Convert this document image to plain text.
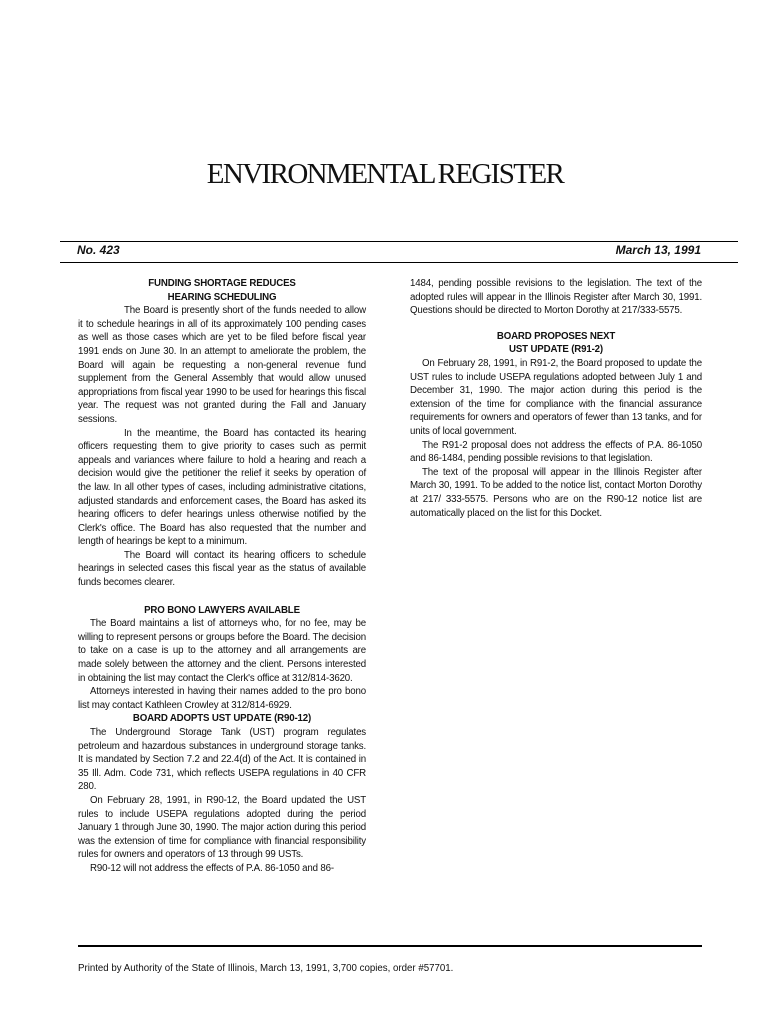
ENVIRONMENTAL REGISTER
No. 423	March 13, 1991
FUNDING SHORTAGE REDUCES
HEARING SCHEDULING

The Board is presently short of the funds needed to allow it to schedule hearings in all of its approximately 100 pending cases as well as those cases which are yet to be filed before fiscal year 1991 ends on June 30. In an attempt to ameliorate the problem, the Board will again be requesting a non-general revenue fund supplement from the General Assembly that would allow unused appropriations from fiscal year 1990 to be used for hearings this fiscal year. The request was not granted during the Fall and January sessions.

In the meantime, the Board has contacted its hearing officers requesting them to give priority to cases such as permit appeals and variances where failure to hold a hearing and reach a decision would give the petitioner the relief it seeks by operation of the law. In all other types of cases, including administrative citations, adjusted standards and enforcement cases, the Board has asked its hearing officers to defer hearings unless otherwise notified by the Clerk's office. The Board has also requested that the number and length of hearings be kept to a minimum.

The Board will contact its hearing officers to schedule hearings in selected cases this fiscal year as the status of available funds becomes clearer.

PRO BONO LAWYERS AVAILABLE

The Board maintains a list of attorneys who, for no fee, may be willing to represent persons or groups before the Board. The decision to take on a case is up to the attorney and all arrangements are made solely between the attorney and the client. Persons interested in obtaining the list may contact the Clerk's office at 312/814-3620.

Attorneys interested in having their names added to the pro bono list may contact Kathleen Crowley at 312/814-6929.

BOARD ADOPTS UST UPDATE (R90-12)

The Underground Storage Tank (UST) program regulates petroleum and hazardous substances in underground storage tanks. It is mandated by Section 7.2 and 22.4(d) of the Act. It is contained in 35 Ill. Adm. Code 731, which reflects USEPA regulations in 40 CFR 280.

On February 28, 1991, in R90-12, the Board updated the UST rules to include USEPA regulations adopted during the period January 1 through June 30, 1990. The major action during this period was the extension of time for compliance with financial responsibility rules for owners and operators of 13 through 99 USTs.

R90-12 will not address the effects of P.A. 86-1050 and 86-

1484, pending possible revisions to the legislation. The text of the adopted rules will appear in the Illinois Register after March 30, 1991. Questions should be directed to Morton Dorothy at 217/333-5575.

BOARD PROPOSES NEXT
UST UPDATE (R91-2)

On February 28, 1991, in R91-2, the Board proposed to update the UST rules to include USEPA regulations adopted between July 1 and December 31, 1990. The major action during this period is the extension of the time for compliance with the financial assurance requirements for owners and operators of fewer than 13 tanks, and for units of local government.

The R91-2 proposal does not address the effects of P.A. 86-1050 and 86-1484, pending possible revisions to that legislation.

The text of the proposal will appear in the Illinois Register after March 30, 1991. To be added to the notice list, contact Morton Dorothy at 217/ 333-5575. Persons who are on the R90-12 notice list are automatically placed on the list for this Docket.

Printed by Authority of the State of Illinois, March 13, 1991, 3,700 copies, order #57701.
